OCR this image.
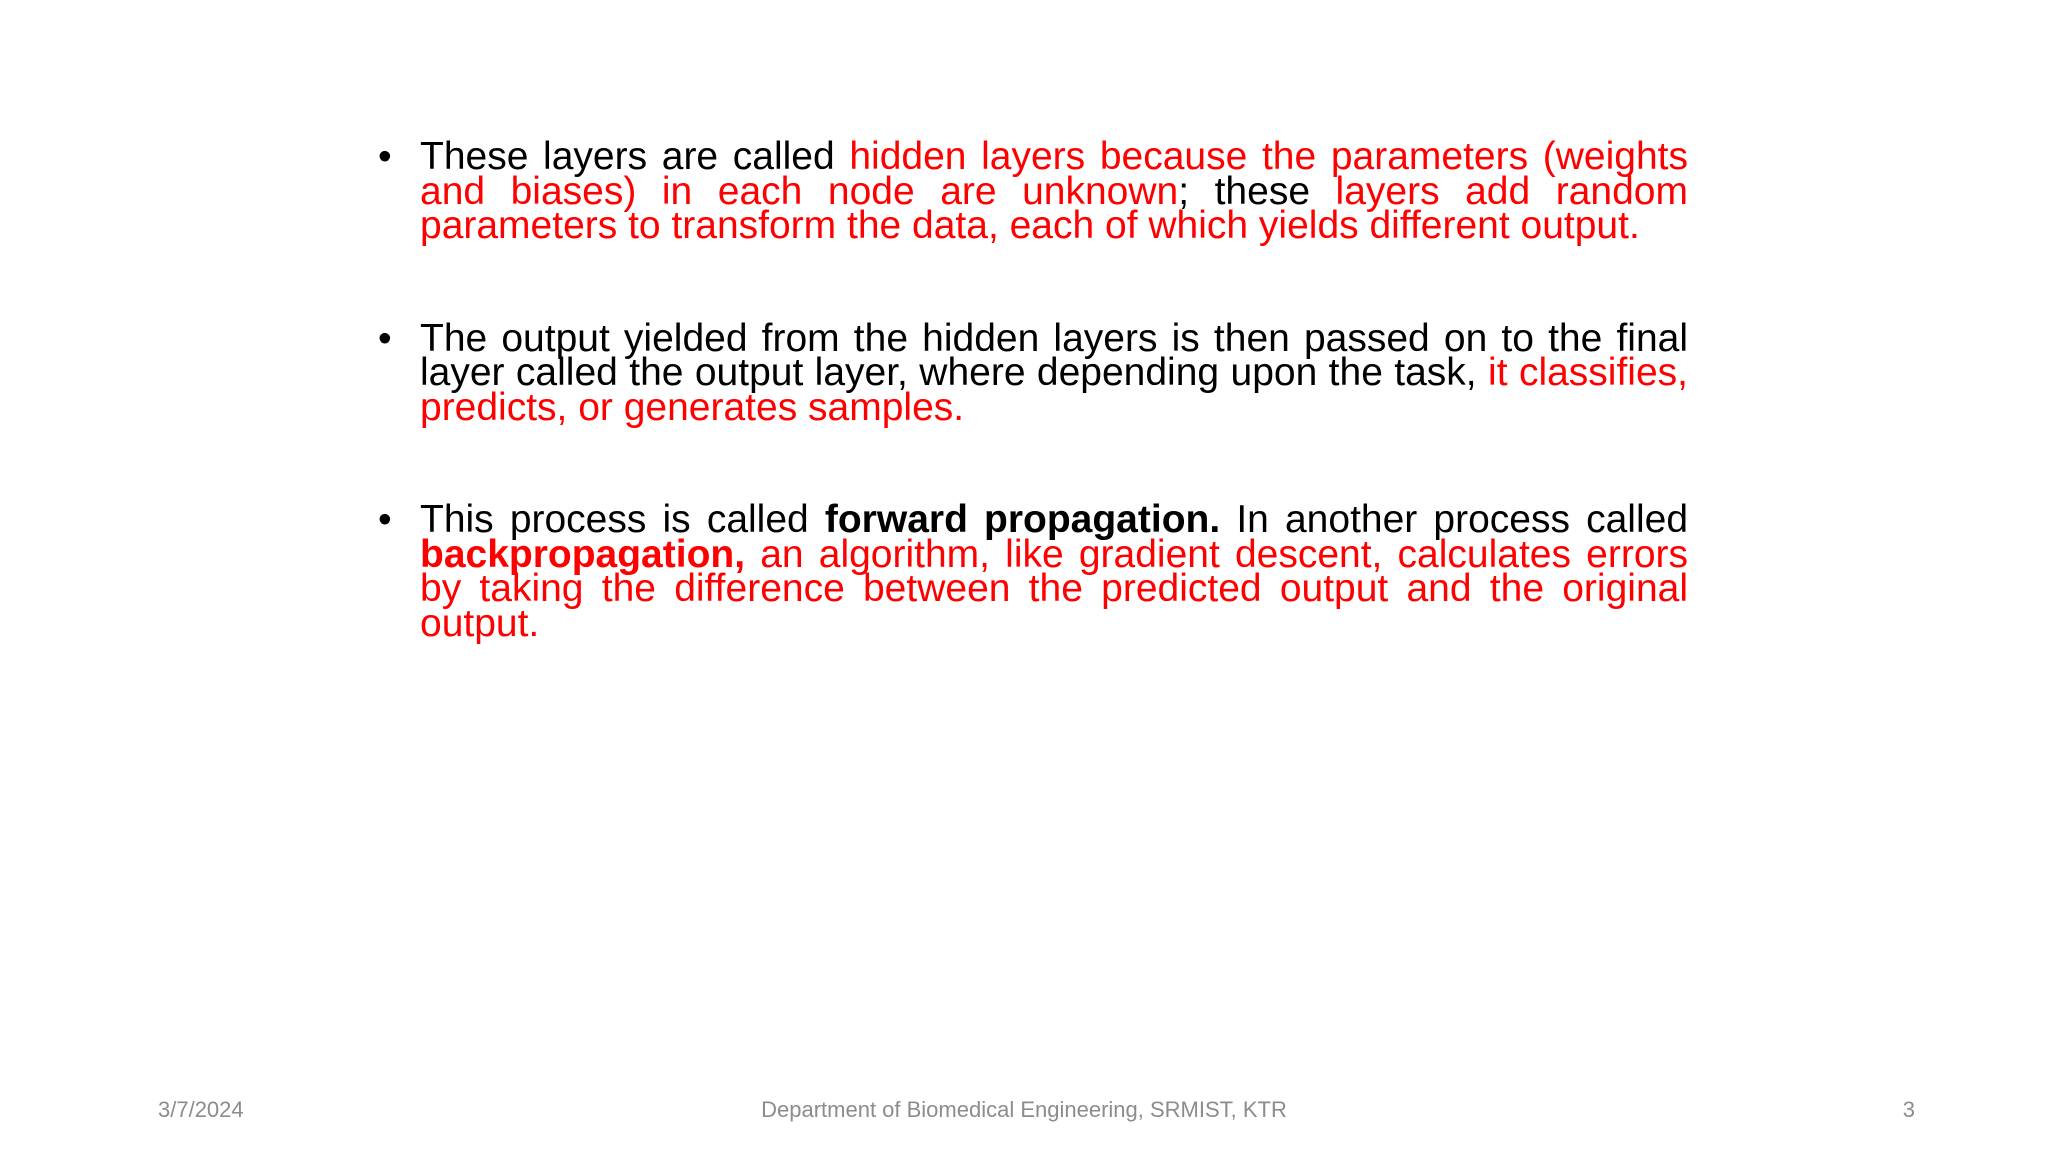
• These layers are called hidden layers because the parameters (weights and biases) in each node are unknown; these layers add random parameters to transform the data, each of which yields different output.
• The output yielded from the hidden layers is then passed on to the final layer called the output layer, where depending upon the task, it classifies, predicts, or generates samples.
• This process is called forward propagation. In another process called backpropagation, an algorithm, like gradient descent, calculates errors by taking the difference between the predicted output and the original output.
3/7/2024	Department of Biomedical Engineering, SRMIST, KTR	3
